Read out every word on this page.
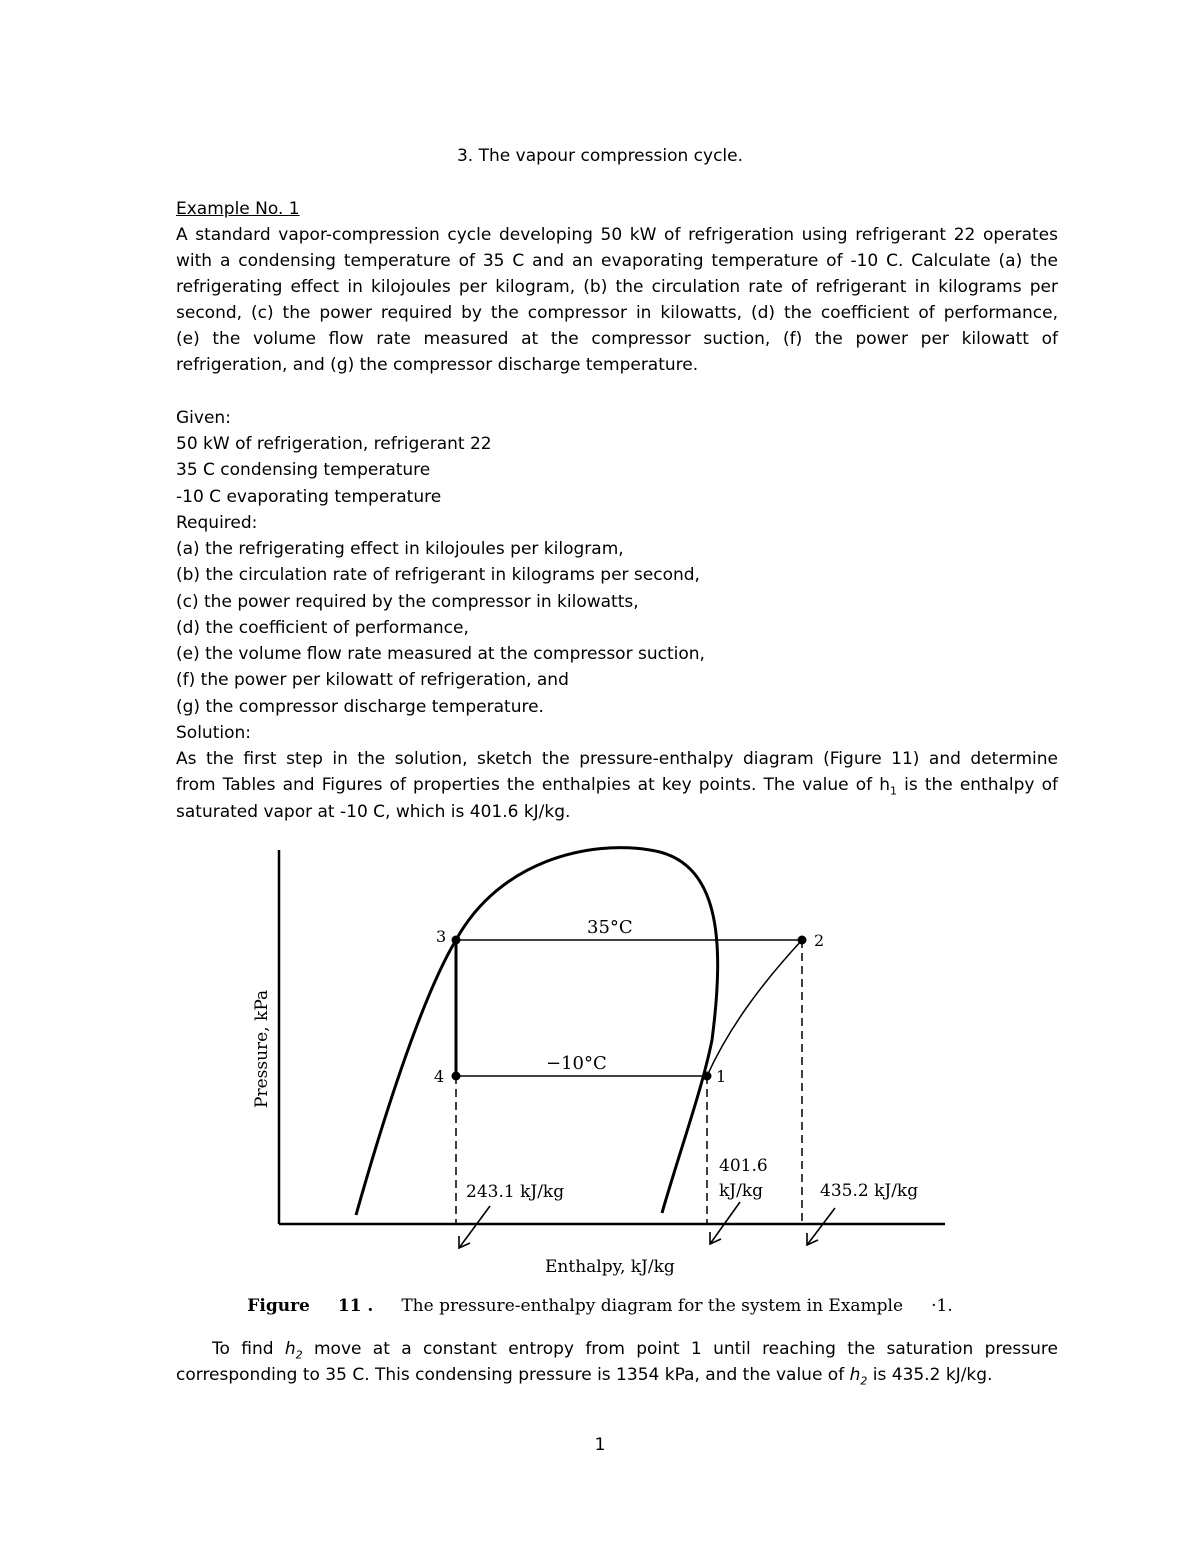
3. The vapour compression cycle.
Example No. 1
A standard vapor-compression cycle developing 50 kW of refrigeration using refrigerant 22 operates
with a condensing temperature of 35 C and an evaporating temperature of -10 C. Calculate (a) the
refrigerating effect in kilojoules per kilogram, (b) the circulation rate of refrigerant in kilograms per
second, (c) the power required by the compressor in kilowatts, (d) the coefficient of performance,
(e) the volume flow rate measured at the compressor suction, (f) the power per kilowatt of
refrigeration, and (g) the compressor discharge temperature.
Given:
50 kW of refrigeration, refrigerant 22
35 C condensing temperature
-10 C evaporating temperature
Required:
(a) the refrigerating effect in kilojoules per kilogram,
(b) the circulation rate of refrigerant in kilograms per second,
(c) the power required by the compressor in kilowatts,
(d) the coefficient of performance,
(e) the volume flow rate measured at the compressor suction,
(f) the power per kilowatt of refrigeration, and
(g) the compressor discharge temperature.
Solution:
As the first step in the solution, sketch the pressure-enthalpy diagram (Figure 11) and determine
from Tables and Figures of properties the enthalpies at key points. The value of $h_1$ is the enthalpy of
saturated vapor at -10 C, which is 401.6 kJ/kg.
3	2
4	1
35°C
−10°C
243.1 kJ/kg
401.6
kJ/kg	435.2 kJ/kg
Pressure, kPa
Enthalpy, kJ/kg
Figure 11 . The pressure-enthalpy diagram for the system in Example ·1.
To find $h_2$ move at a constant entropy from point 1 until reaching the saturation pressure
corresponding to 35 C. This condensing pressure is 1354 kPa, and the value of $h_2$ is 435.2 kJ/kg.
1
